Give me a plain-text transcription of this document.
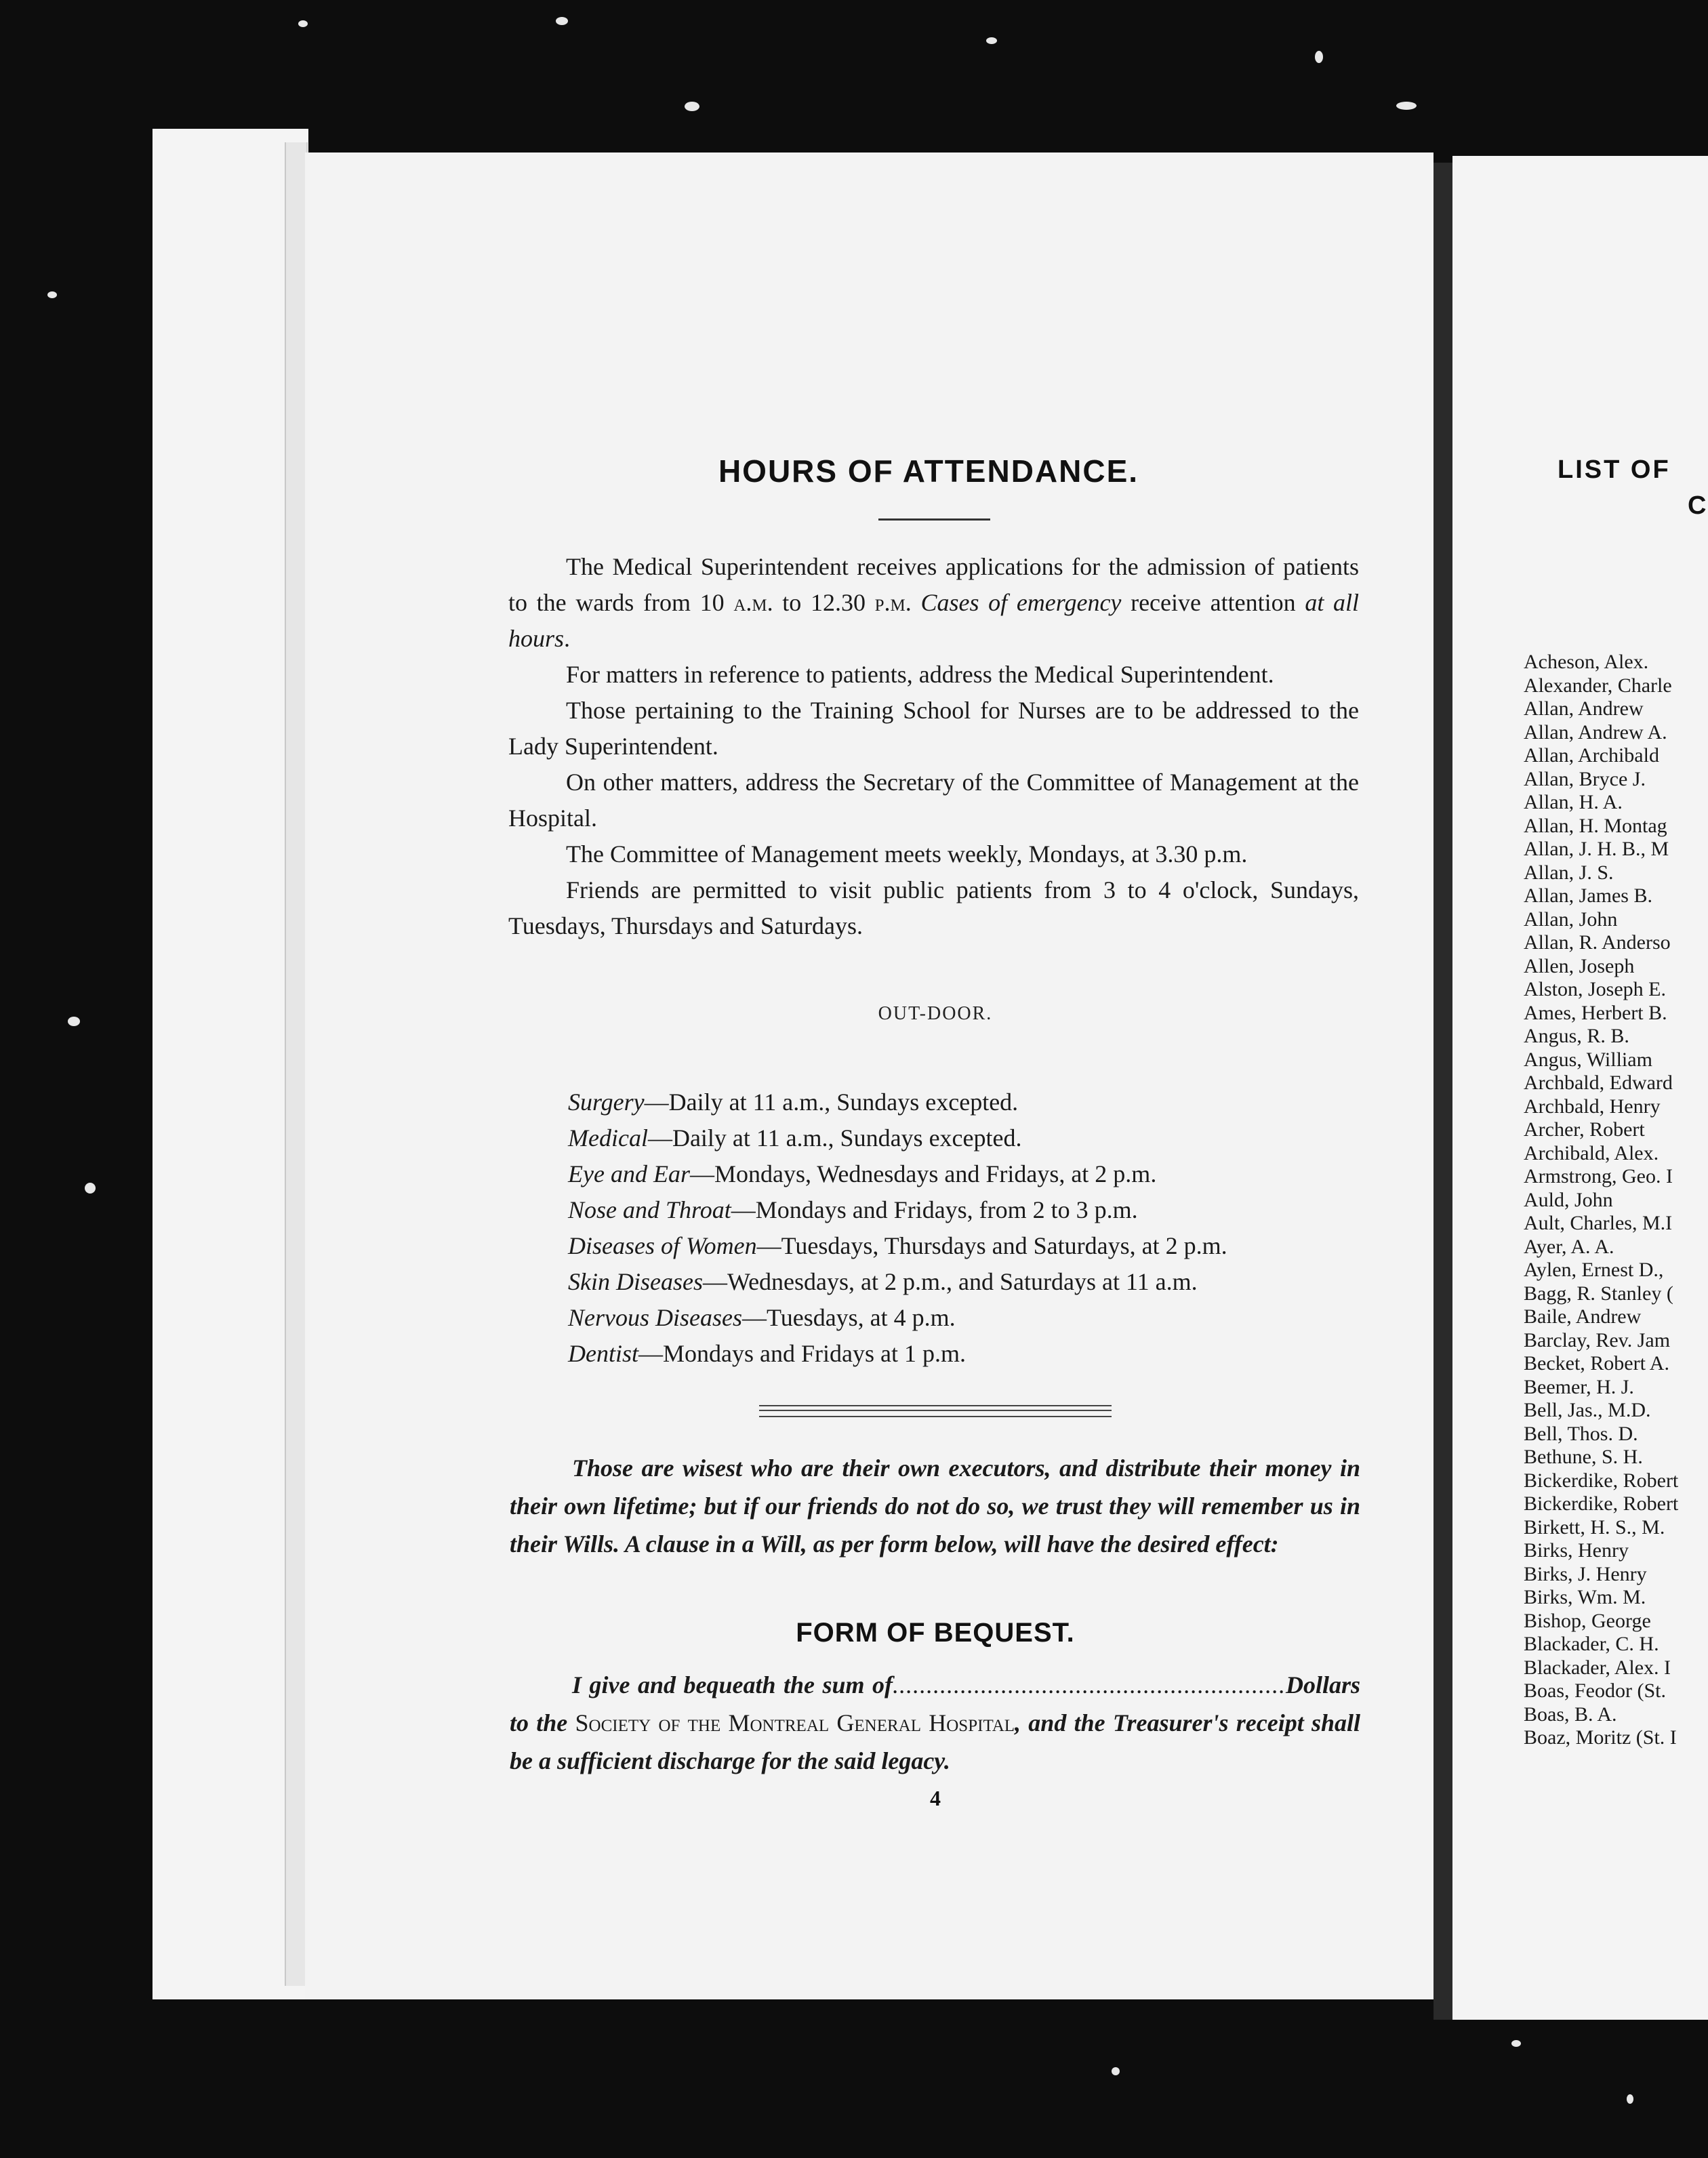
HOURS OF ATTENDANCE.

The Medical Superintendent receives applications for the admission of patients to the wards from 10 a.m. to 12.30 p.m. Cases of emergency receive attention at all hours.

For matters in reference to patients, address the Medical Superintendent.

Those pertaining to the Training School for Nurses are to be addressed to the Lady Superintendent.

On other matters, address the Secretary of the Committee of Management at the Hospital.

The Committee of Management meets weekly, Mondays, at 3.30 p.m.

Friends are permitted to visit public patients from 3 to 4 o'clock, Sundays, Tuesdays, Thursdays and Saturdays.

OUT-DOOR.
Surgery—Daily at 11 a.m., Sundays excepted.
Medical—Daily at 11 a.m., Sundays excepted.
Eye and Ear—Mondays, Wednesdays and Fridays, at 2 p.m.
Nose and Throat—Mondays and Fridays, from 2 to 3 p.m.
Diseases of Women—Tuesdays, Thursdays and Saturdays, at 2 p.m.
Skin Diseases—Wednesdays, at 2 p.m., and Saturdays at 11 a.m.
Nervous Diseases—Tuesdays, at 4 p.m.
Dentist—Mondays and Fridays at 1 p.m.
Those are wisest who are their own executors, and distribute their money in their own lifetime; but if our friends do not do so, we trust they will remember us in their Wills. A clause in a Will, as per form below, will have the desired effect:
FORM OF BEQUEST.
I give and bequeath the sum of..........................................................Dollars to the Society of the Montreal General Hospital, and the Treasurer's receipt shall be a sufficient discharge for the said legacy.
4
LIST OF
C
Acheson, Alex.
Alexander, Charle
Allan, Andrew
Allan, Andrew A.
Allan, Archibald
Allan, Bryce J.
Allan, H. A.
Allan, H. Montag
Allan, J. H. B., M
Allan, J. S.
Allan, James B.
Allan, John
Allan, R. Anderso
Allen, Joseph
Alston, Joseph E.
Ames, Herbert B.
Angus, R. B.
Angus, William
Archbald, Edward
Archbald, Henry
Archer, Robert
Archibald, Alex.
Armstrong, Geo. I
Auld, John
Ault, Charles, M.I
Ayer, A. A.
Aylen, Ernest D.,
Bagg, R. Stanley (
Baile, Andrew
Barclay, Rev. Jam
Becket, Robert A.
Beemer, H. J.
Bell, Jas., M.D.
Bell, Thos. D.
Bethune, S. H.
Bickerdike, Robert
Bickerdike, Robert
Birkett, H. S., M.
Birks, Henry
Birks, J. Henry
Birks, Wm. M.
Bishop, George
Blackader, C. H.
Blackader, Alex. I
Boas, Feodor (St.
Boas, B. A.
Boaz, Moritz (St. I
